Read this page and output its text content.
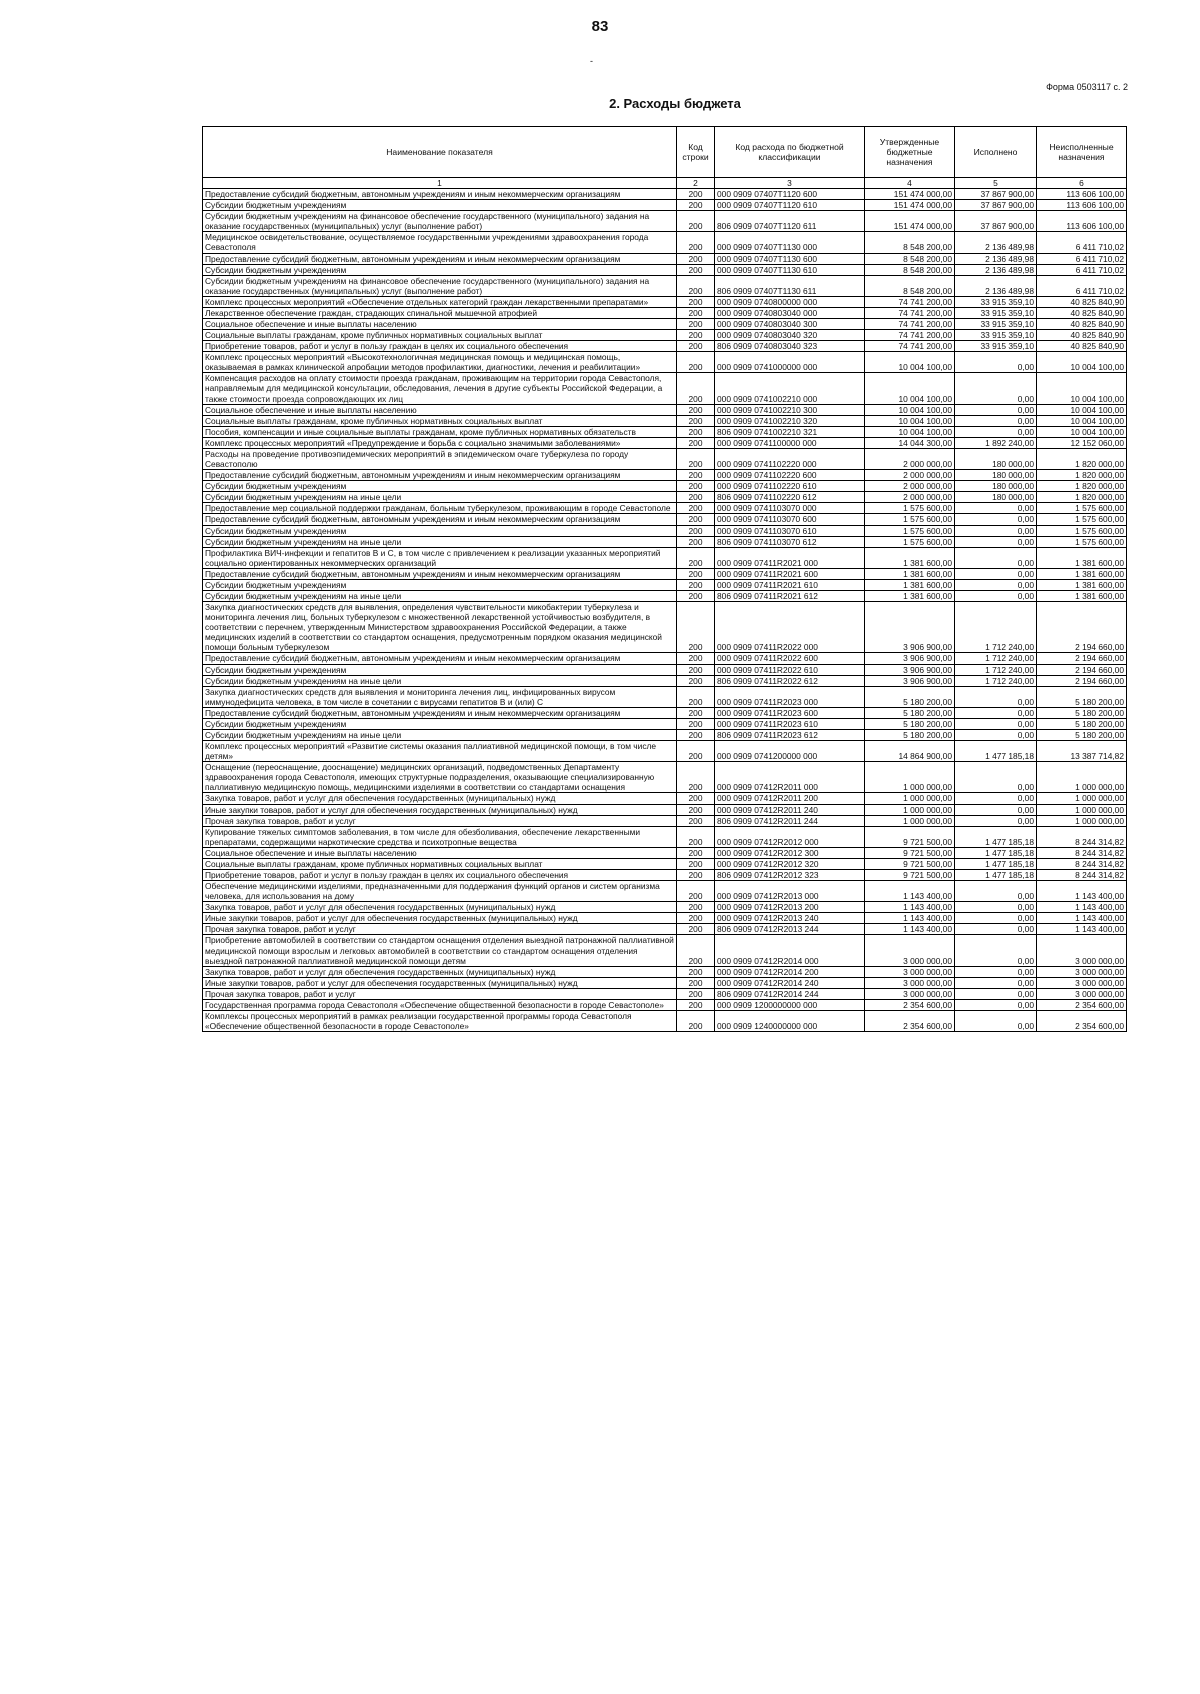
83
-
Форма 0503117 с. 2
2. Расходы бюджета
Наименование показателя	Код строки	Код расхода по бюджетной классификации	Утвержденные бюджетные назначения	Исполнено	Неисполненные назначения
1	2	3	4	5	6
Предоставление субсидий бюджетным, автономным учреждениям и иным некоммерческим организациям	200	000 0909 07407Т1120 600	151 474 000,00	37 867 900,00	113 606 100,00
Субсидии бюджетным учреждениям	200	000 0909 07407Т1120 610	151 474 000,00	37 867 900,00	113 606 100,00
Субсидии бюджетным учреждениям на финансовое обеспечение государственного (муниципального) задания на оказание государственных (муниципальных) услуг (выполнение работ)	200	806 0909 07407Т1120 611	151 474 000,00	37 867 900,00	113 606 100,00
Медицинское освидетельствование, осуществляемое государственными учреждениями здравоохранения города Севастополя	200	000 0909 07407Т1130 000	8 548 200,00	2 136 489,98	6 411 710,02
Предоставление субсидий бюджетным, автономным учреждениям и иным некоммерческим организациям	200	000 0909 07407Т1130 600	8 548 200,00	2 136 489,98	6 411 710,02
Субсидии бюджетным учреждениям	200	000 0909 07407Т1130 610	8 548 200,00	2 136 489,98	6 411 710,02
Субсидии бюджетным учреждениям на финансовое обеспечение государственного (муниципального) задания на оказание государственных (муниципальных) услуг (выполнение работ)	200	806 0909 07407Т1130 611	8 548 200,00	2 136 489,98	6 411 710,02
Комплекс процессных мероприятий «Обеспечение отдельных категорий граждан лекарственными препаратами»	200	000 0909 0740800000 000	74 741 200,00	33 915 359,10	40 825 840,90
Лекарственное обеспечение граждан, страдающих спинальной мышечной атрофией	200	000 0909 0740803040 000	74 741 200,00	33 915 359,10	40 825 840,90
Социальное обеспечение и иные выплаты населению	200	000 0909 0740803040 300	74 741 200,00	33 915 359,10	40 825 840,90
Социальные выплаты гражданам, кроме публичных нормативных социальных выплат	200	000 0909 0740803040 320	74 741 200,00	33 915 359,10	40 825 840,90
Приобретение товаров, работ и услуг в пользу граждан в целях их социального обеспечения	200	806 0909 0740803040 323	74 741 200,00	33 915 359,10	40 825 840,90
Комплекс процессных мероприятий «Высокотехнологичная медицинская помощь и медицинская помощь, оказываемая в рамках клинической апробации методов профилактики, диагностики, лечения и реабилитации»	200	000 0909 0741000000 000	10 004 100,00	0,00	10 004 100,00
Компенсация расходов на оплату стоимости проезда гражданам, проживающим на территории города Севастополя, направляемым для медицинской консультации, обследования, лечения в другие субъекты Российской Федерации, а также стоимости проезда сопровождающих их лиц	200	000 0909 0741002210 000	10 004 100,00	0,00	10 004 100,00
Социальное обеспечение и иные выплаты населению	200	000 0909 0741002210 300	10 004 100,00	0,00	10 004 100,00
Социальные выплаты гражданам, кроме публичных нормативных социальных выплат	200	000 0909 0741002210 320	10 004 100,00	0,00	10 004 100,00
Пособия, компенсации и иные социальные выплаты гражданам, кроме публичных нормативных обязательств	200	806 0909 0741002210 321	10 004 100,00	0,00	10 004 100,00
Комплекс процессных мероприятий «Предупреждение и борьба с социально значимыми заболеваниями»	200	000 0909 0741100000 000	14 044 300,00	1 892 240,00	12 152 060,00
Расходы на проведение противоэпидемических мероприятий в эпидемическом очаге туберкулеза по городу Севастополю	200	000 0909 0741102220 000	2 000 000,00	180 000,00	1 820 000,00
Предоставление субсидий бюджетным, автономным учреждениям и иным некоммерческим организациям	200	000 0909 0741102220 600	2 000 000,00	180 000,00	1 820 000,00
Субсидии бюджетным учреждениям	200	000 0909 0741102220 610	2 000 000,00	180 000,00	1 820 000,00
Субсидии бюджетным учреждениям на иные цели	200	806 0909 0741102220 612	2 000 000,00	180 000,00	1 820 000,00
Предоставление мер социальной поддержки гражданам, больным туберкулезом, проживающим в городе Севастополе	200	000 0909 0741103070 000	1 575 600,00	0,00	1 575 600,00
Предоставление субсидий бюджетным, автономным учреждениям и иным некоммерческим организациям	200	000 0909 0741103070 600	1 575 600,00	0,00	1 575 600,00
Субсидии бюджетным учреждениям	200	000 0909 0741103070 610	1 575 600,00	0,00	1 575 600,00
Субсидии бюджетным учреждениям на иные цели	200	806 0909 0741103070 612	1 575 600,00	0,00	1 575 600,00
Профилактика ВИЧ-инфекции и гепатитов В и С, в том числе с привлечением к реализации указанных мероприятий социально ориентированных некоммерческих организаций	200	000 0909 07411R2021 000	1 381 600,00	0,00	1 381 600,00
Предоставление субсидий бюджетным, автономным учреждениям и иным некоммерческим организациям	200	000 0909 07411R2021 600	1 381 600,00	0,00	1 381 600,00
Субсидии бюджетным учреждениям	200	000 0909 07411R2021 610	1 381 600,00	0,00	1 381 600,00
Субсидии бюджетным учреждениям на иные цели	200	806 0909 07411R2021 612	1 381 600,00	0,00	1 381 600,00
Закупка диагностических средств для выявления, определения чувствительности микобактерии туберкулеза и мониторинга лечения лиц, больных туберкулезом с множественной лекарственной устойчивостью возбудителя, в соответствии с перечнем, утвержденным Министерством здравоохранения Российской Федерации, а также медицинских изделий в соответствии со стандартом оснащения, предусмотренным порядком оказания медицинской помощи больным туберкулезом	200	000 0909 07411R2022 000	3 906 900,00	1 712 240,00	2 194 660,00
Предоставление субсидий бюджетным, автономным учреждениям и иным некоммерческим организациям	200	000 0909 07411R2022 600	3 906 900,00	1 712 240,00	2 194 660,00
Субсидии бюджетным учреждениям	200	000 0909 07411R2022 610	3 906 900,00	1 712 240,00	2 194 660,00
Субсидии бюджетным учреждениям на иные цели	200	806 0909 07411R2022 612	3 906 900,00	1 712 240,00	2 194 660,00
Закупка диагностических средств для выявления и мониторинга лечения лиц, инфицированных вирусом иммунодефицита человека, в том числе в сочетании с вирусами гепатитов В и (или) С	200	000 0909 07411R2023 000	5 180 200,00	0,00	5 180 200,00
Предоставление субсидий бюджетным, автономным учреждениям и иным некоммерческим организациям	200	000 0909 07411R2023 600	5 180 200,00	0,00	5 180 200,00
Субсидии бюджетным учреждениям	200	000 0909 07411R2023 610	5 180 200,00	0,00	5 180 200,00
Субсидии бюджетным учреждениям на иные цели	200	806 0909 07411R2023 612	5 180 200,00	0,00	5 180 200,00
Комплекс процессных мероприятий «Развитие системы оказания паллиативной медицинской помощи, в том числе детям»	200	000 0909 0741200000 000	14 864 900,00	1 477 185,18	13 387 714,82
Оснащение (переоснащение, дооснащение) медицинских организаций, подведомственных Департаменту здравоохранения города Севастополя, имеющих структурные подразделения, оказывающие специализированную паллиативную медицинскую помощь, медицинскими изделиями в соответствии со стандартами оснащения	200	000 0909 07412R2011 000	1 000 000,00	0,00	1 000 000,00
Закупка товаров, работ и услуг для обеспечения государственных (муниципальных) нужд	200	000 0909 07412R2011 200	1 000 000,00	0,00	1 000 000,00
Иные закупки товаров, работ и услуг для обеспечения государственных (муниципальных) нужд	200	000 0909 07412R2011 240	1 000 000,00	0,00	1 000 000,00
Прочая закупка товаров, работ и услуг	200	806 0909 07412R2011 244	1 000 000,00	0,00	1 000 000,00
Купирование тяжелых симптомов заболевания, в том числе для обезболивания, обеспечение лекарственными препаратами, содержащими наркотические средства и психотропные вещества	200	000 0909 07412R2012 000	9 721 500,00	1 477 185,18	8 244 314,82
Социальное обеспечение и иные выплаты населению	200	000 0909 07412R2012 300	9 721 500,00	1 477 185,18	8 244 314,82
Социальные выплаты гражданам, кроме публичных нормативных социальных выплат	200	000 0909 07412R2012 320	9 721 500,00	1 477 185,18	8 244 314,82
Приобретение товаров, работ и услуг в пользу граждан в целях их социального обеспечения	200	806 0909 07412R2012 323	9 721 500,00	1 477 185,18	8 244 314,82
Обеспечение медицинскими изделиями, предназначенными для поддержания функций органов и систем организма человека, для использования на дому	200	000 0909 07412R2013 000	1 143 400,00	0,00	1 143 400,00
Закупка товаров, работ и услуг для обеспечения государственных (муниципальных) нужд	200	000 0909 07412R2013 200	1 143 400,00	0,00	1 143 400,00
Иные закупки товаров, работ и услуг для обеспечения государственных (муниципальных) нужд	200	000 0909 07412R2013 240	1 143 400,00	0,00	1 143 400,00
Прочая закупка товаров, работ и услуг	200	806 0909 07412R2013 244	1 143 400,00	0,00	1 143 400,00
Приобретение автомобилей в соответствии со стандартом оснащения отделения выездной патронажной паллиативной медицинской помощи взрослым и легковых автомобилей в соответствии со стандартом оснащения отделения выездной патронажной паллиативной медицинской помощи детям	200	000 0909 07412R2014 000	3 000 000,00	0,00	3 000 000,00
Закупка товаров, работ и услуг для обеспечения государственных (муниципальных) нужд	200	000 0909 07412R2014 200	3 000 000,00	0,00	3 000 000,00
Иные закупки товаров, работ и услуг для обеспечения государственных (муниципальных) нужд	200	000 0909 07412R2014 240	3 000 000,00	0,00	3 000 000,00
Прочая закупка товаров, работ и услуг	200	806 0909 07412R2014 244	3 000 000,00	0,00	3 000 000,00
Государственная программа города Севастополя «Обеспечение общественной безопасности в городе Севастополе»	200	000 0909 1200000000 000	2 354 600,00	0,00	2 354 600,00
Комплексы процессных мероприятий в рамках реализации государственной программы города Севастополя «Обеспечение общественной безопасности в городе Севастополе»	200	000 0909 1240000000 000	2 354 600,00	0,00	2 354 600,00
